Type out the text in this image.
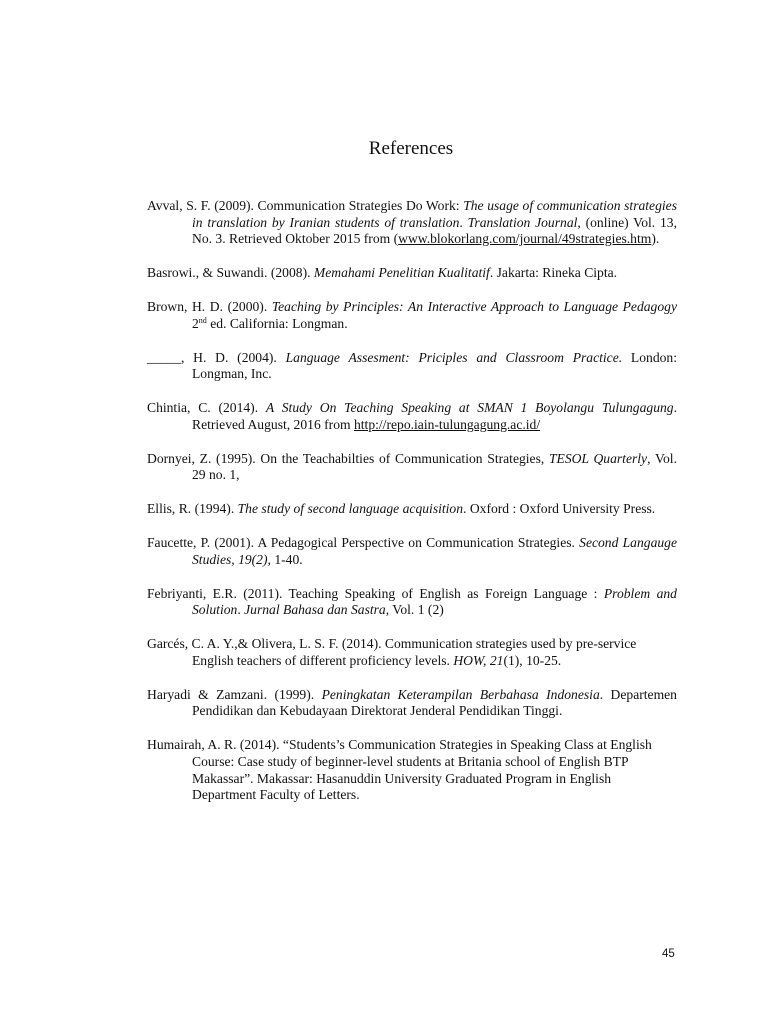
References

Avval, S. F. (2009). Communication Strategies Do Work: The usage of communication strategies in translation by Iranian students of translation. Translation Journal, (online) Vol. 13, No. 3. Retrieved Oktober 2015 from (www.blokorlang.com/journal/49strategies.htm).

Basrowi., & Suwandi. (2008). Memahami Penelitian Kualitatif. Jakarta: Rineka Cipta.

Brown, H. D. (2000). Teaching by Principles: An Interactive Approach to Language Pedagogy 2nd ed. California: Longman.

_____, H. D. (2004). Language Assesment: Priciples and Classroom Practice. London: Longman, Inc.

Chintia, C. (2014). A Study On Teaching Speaking at SMAN 1 Boyolangu Tulungagung. Retrieved August, 2016 from http://repo.iain-tulungagung.ac.id/

Dornyei, Z. (1995). On the Teachabilties of Communication Strategies, TESOL Quarterly, Vol. 29 no. 1,

Ellis, R. (1994). The study of second language acquisition. Oxford : Oxford University Press.

Faucette, P. (2001). A Pedagogical Perspective on Communication Strategies. Second Langauge Studies, 19(2), 1-40.

Febriyanti, E.R. (2011). Teaching Speaking of English as Foreign Language : Problem and Solution. Jurnal Bahasa dan Sastra, Vol. 1 (2)

Garcés, C. A. Y.,& Olivera, L. S. F. (2014). Communication strategies used by pre-service English teachers of different proficiency levels. HOW, 21(1), 10-25.

Haryadi & Zamzani. (1999). Peningkatan Keterampilan Berbahasa Indonesia. Departemen Pendidikan dan Kebudayaan Direktorat Jenderal Pendidikan Tinggi.

Humairah, A. R. (2014). “Students’s Communication Strategies in Speaking Class at English Course: Case study of beginner-level students at Britania school of English BTP Makassar”. Makassar: Hasanuddin University Graduated Program in English Department Faculty of Letters.

45
